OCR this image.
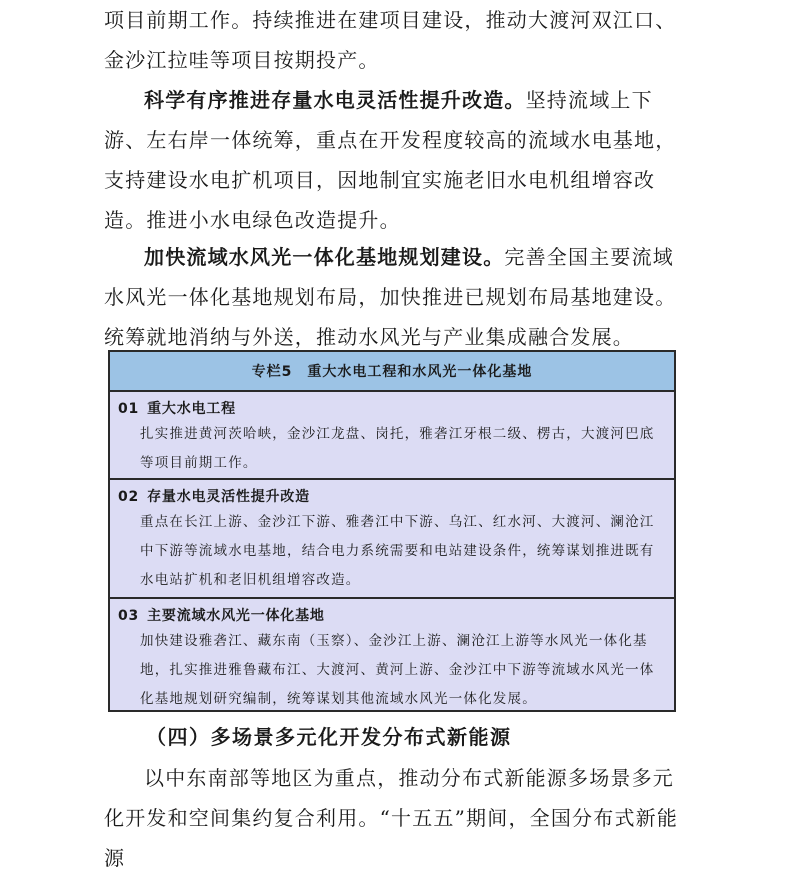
项目前期工作。持续推进在建项目建设，推动大渡河双江口、金沙江拉哇等项目按期投产。

科学有序推进存量水电灵活性提升改造。坚持流域上下游、左右岸一体统筹，重点在开发程度较高的流域水电基地，支持建设水电扩机项目，因地制宜实施老旧水电机组增容改造。推进小水电绿色改造提升。

加快流域水风光一体化基地规划建设。完善全国主要流域水风光一体化基地规划布局，加快推进已规划布局基地建设。统筹就地消纳与外送，推动水风光与产业集成融合发展。

专栏5　重大水电工程和水风光一体化基地
01 重大水电工程
扎实推进黄河茨哈峡，金沙江龙盘、岗托，雅砻江牙根二级、楞古，大渡河巴底等项目前期工作。
02 存量水电灵活性提升改造
重点在长江上游、金沙江下游、雅砻江中下游、乌江、红水河、大渡河、澜沧江中下游等流域水电基地，结合电力系统需要和电站建设条件，统筹谋划推进既有水电站扩机和老旧机组增容改造。
03 主要流域水风光一体化基地
加快建设雅砻江、藏东南（玉察）、金沙江上游、澜沧江上游等水风光一体化基地，扎实推进雅鲁藏布江、大渡河、黄河上游、金沙江中下游等流域水风光一体化基地规划研究编制，统筹谋划其他流域水风光一体化发展。
（四）多场景多元化开发分布式新能源

以中东南部等地区为重点，推动分布式新能源多场景多元化开发和空间集约复合利用。“十五五”期间，全国分布式新能源
